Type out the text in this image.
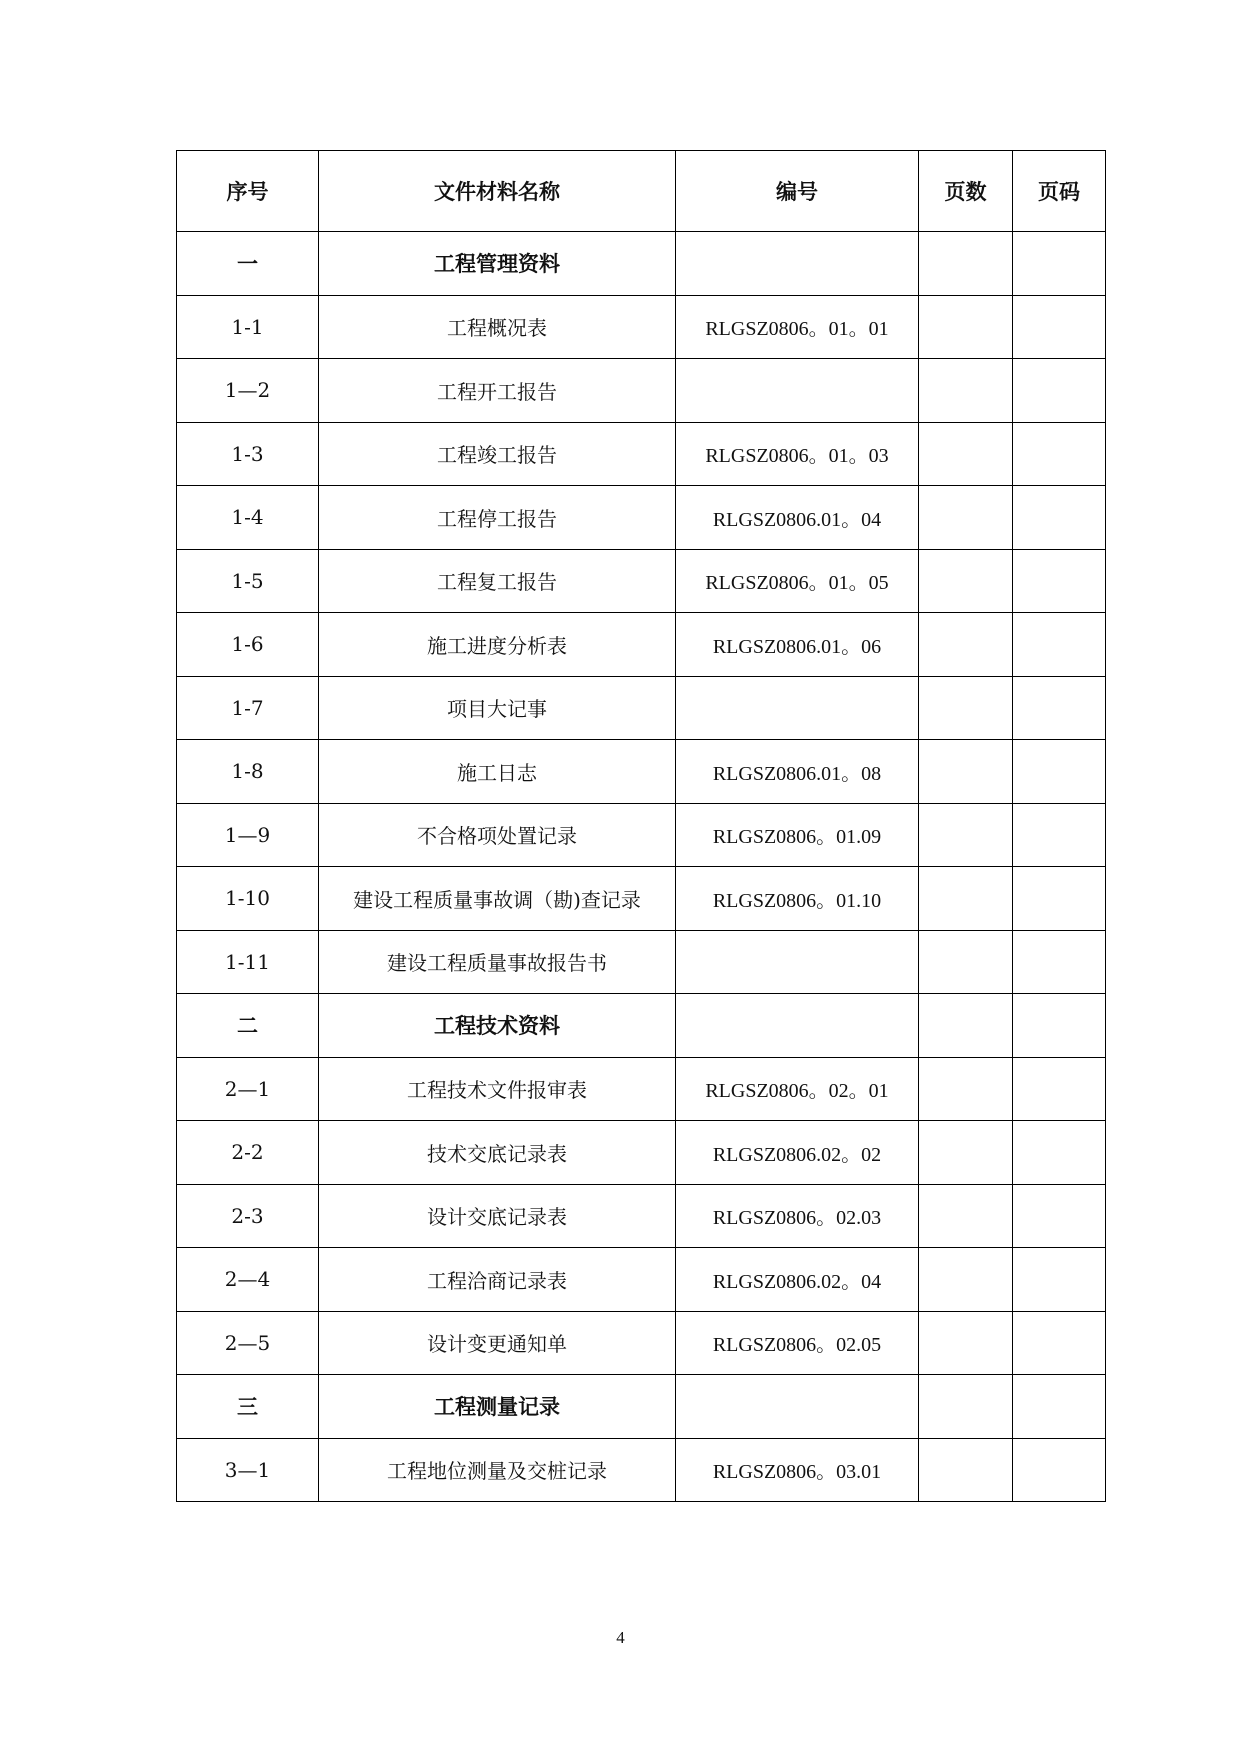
序号	文件材料名称	编号	页数	页码
一	工程管理资料			
1-1	工程概况表	RLGSZ0806。01。01		
1—2	工程开工报告			
1-3	工程竣工报告	RLGSZ0806。01。03		
1-4	工程停工报告	RLGSZ0806.01。04		
1-5	工程复工报告	RLGSZ0806。01。05		
1-6	施工进度分析表	RLGSZ0806.01。06		
1-7	项目大记事			
1-8	施工日志	RLGSZ0806.01。08		
1—9	不合格项处置记录	RLGSZ0806。01.09		
1-10	建设工程质量事故调（勘)查记录	RLGSZ0806。01.10		
1-11	建设工程质量事故报告书			
二	工程技术资料			
2—1	工程技术文件报审表	RLGSZ0806。02。01		
2-2	技术交底记录表	RLGSZ0806.02。02		
2-3	设计交底记录表	RLGSZ0806。02.03		
2—4	工程洽商记录表	RLGSZ0806.02。04		
2—5	设计变更通知单	RLGSZ0806。02.05		
三	工程测量记录			
3—1	工程地位测量及交桩记录	RLGSZ0806。03.01		
4
